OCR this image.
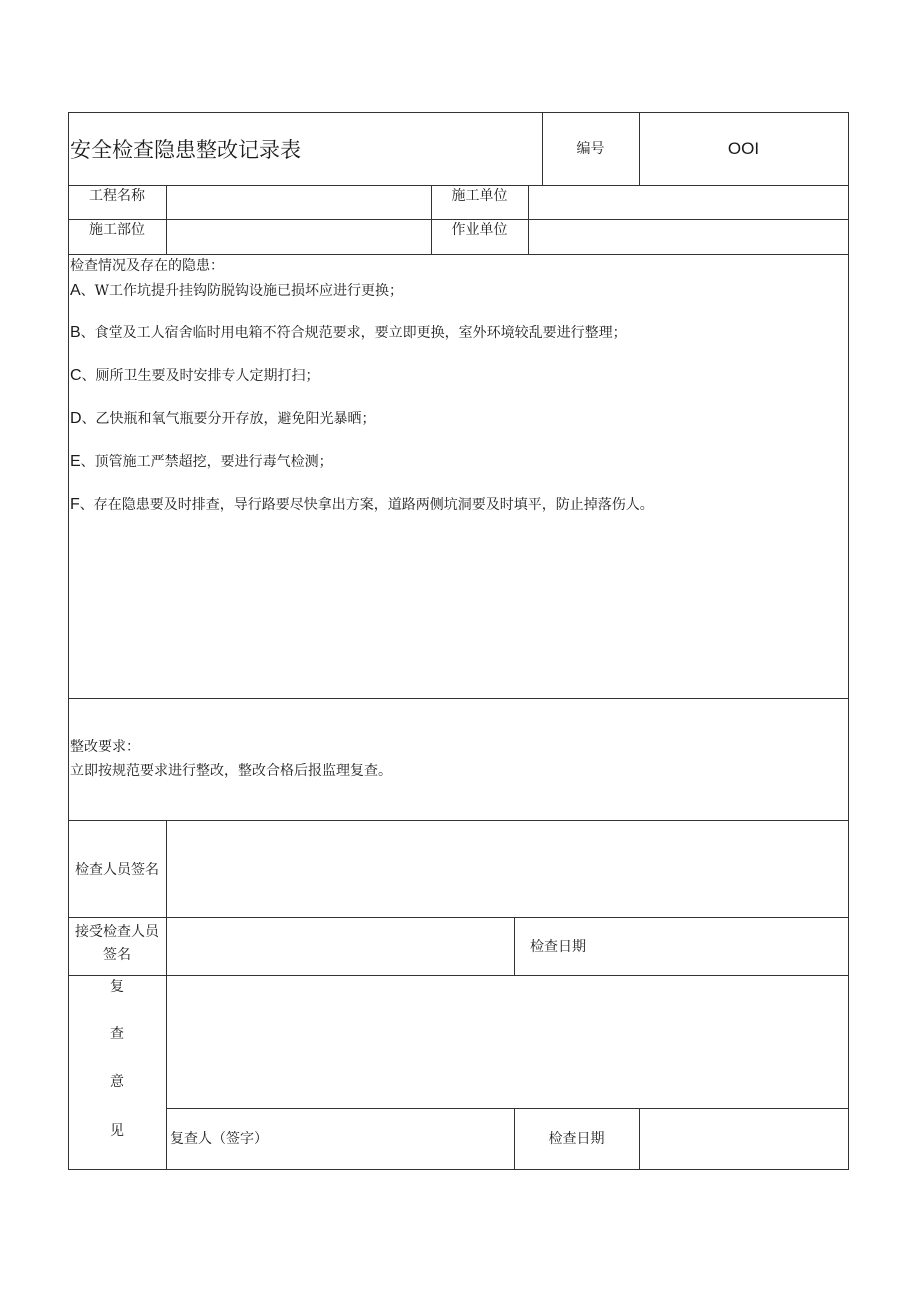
安全检查隐患整改记录表	编号	OOI
工程名称	施工单位
施工部位	作业单位
检查情况及存在的隐患：
A、W工作坑提升挂钩防脱钩设施已损坏应进行更换；
B、食堂及工人宿舍临时用电箱不符合规范要求，要立即更换，室外环境较乱要进行整理；
C、厕所卫生要及时安排专人定期打扫；
D、乙快瓶和氧气瓶要分开存放，避免阳光暴晒；
E、顶管施工严禁超挖，要进行毒气检测；
F、存在隐患要及时排查，导行路要尽快拿出方案，道路两侧坑洞要及时填平，防止掉落伤人。
整改要求：
立即按规范要求进行整改，整改合格后报监理复查。
检查人员签名
接受检查人员
签名	检查日期
复
查
意
见	复查人（签字）	检查日期
